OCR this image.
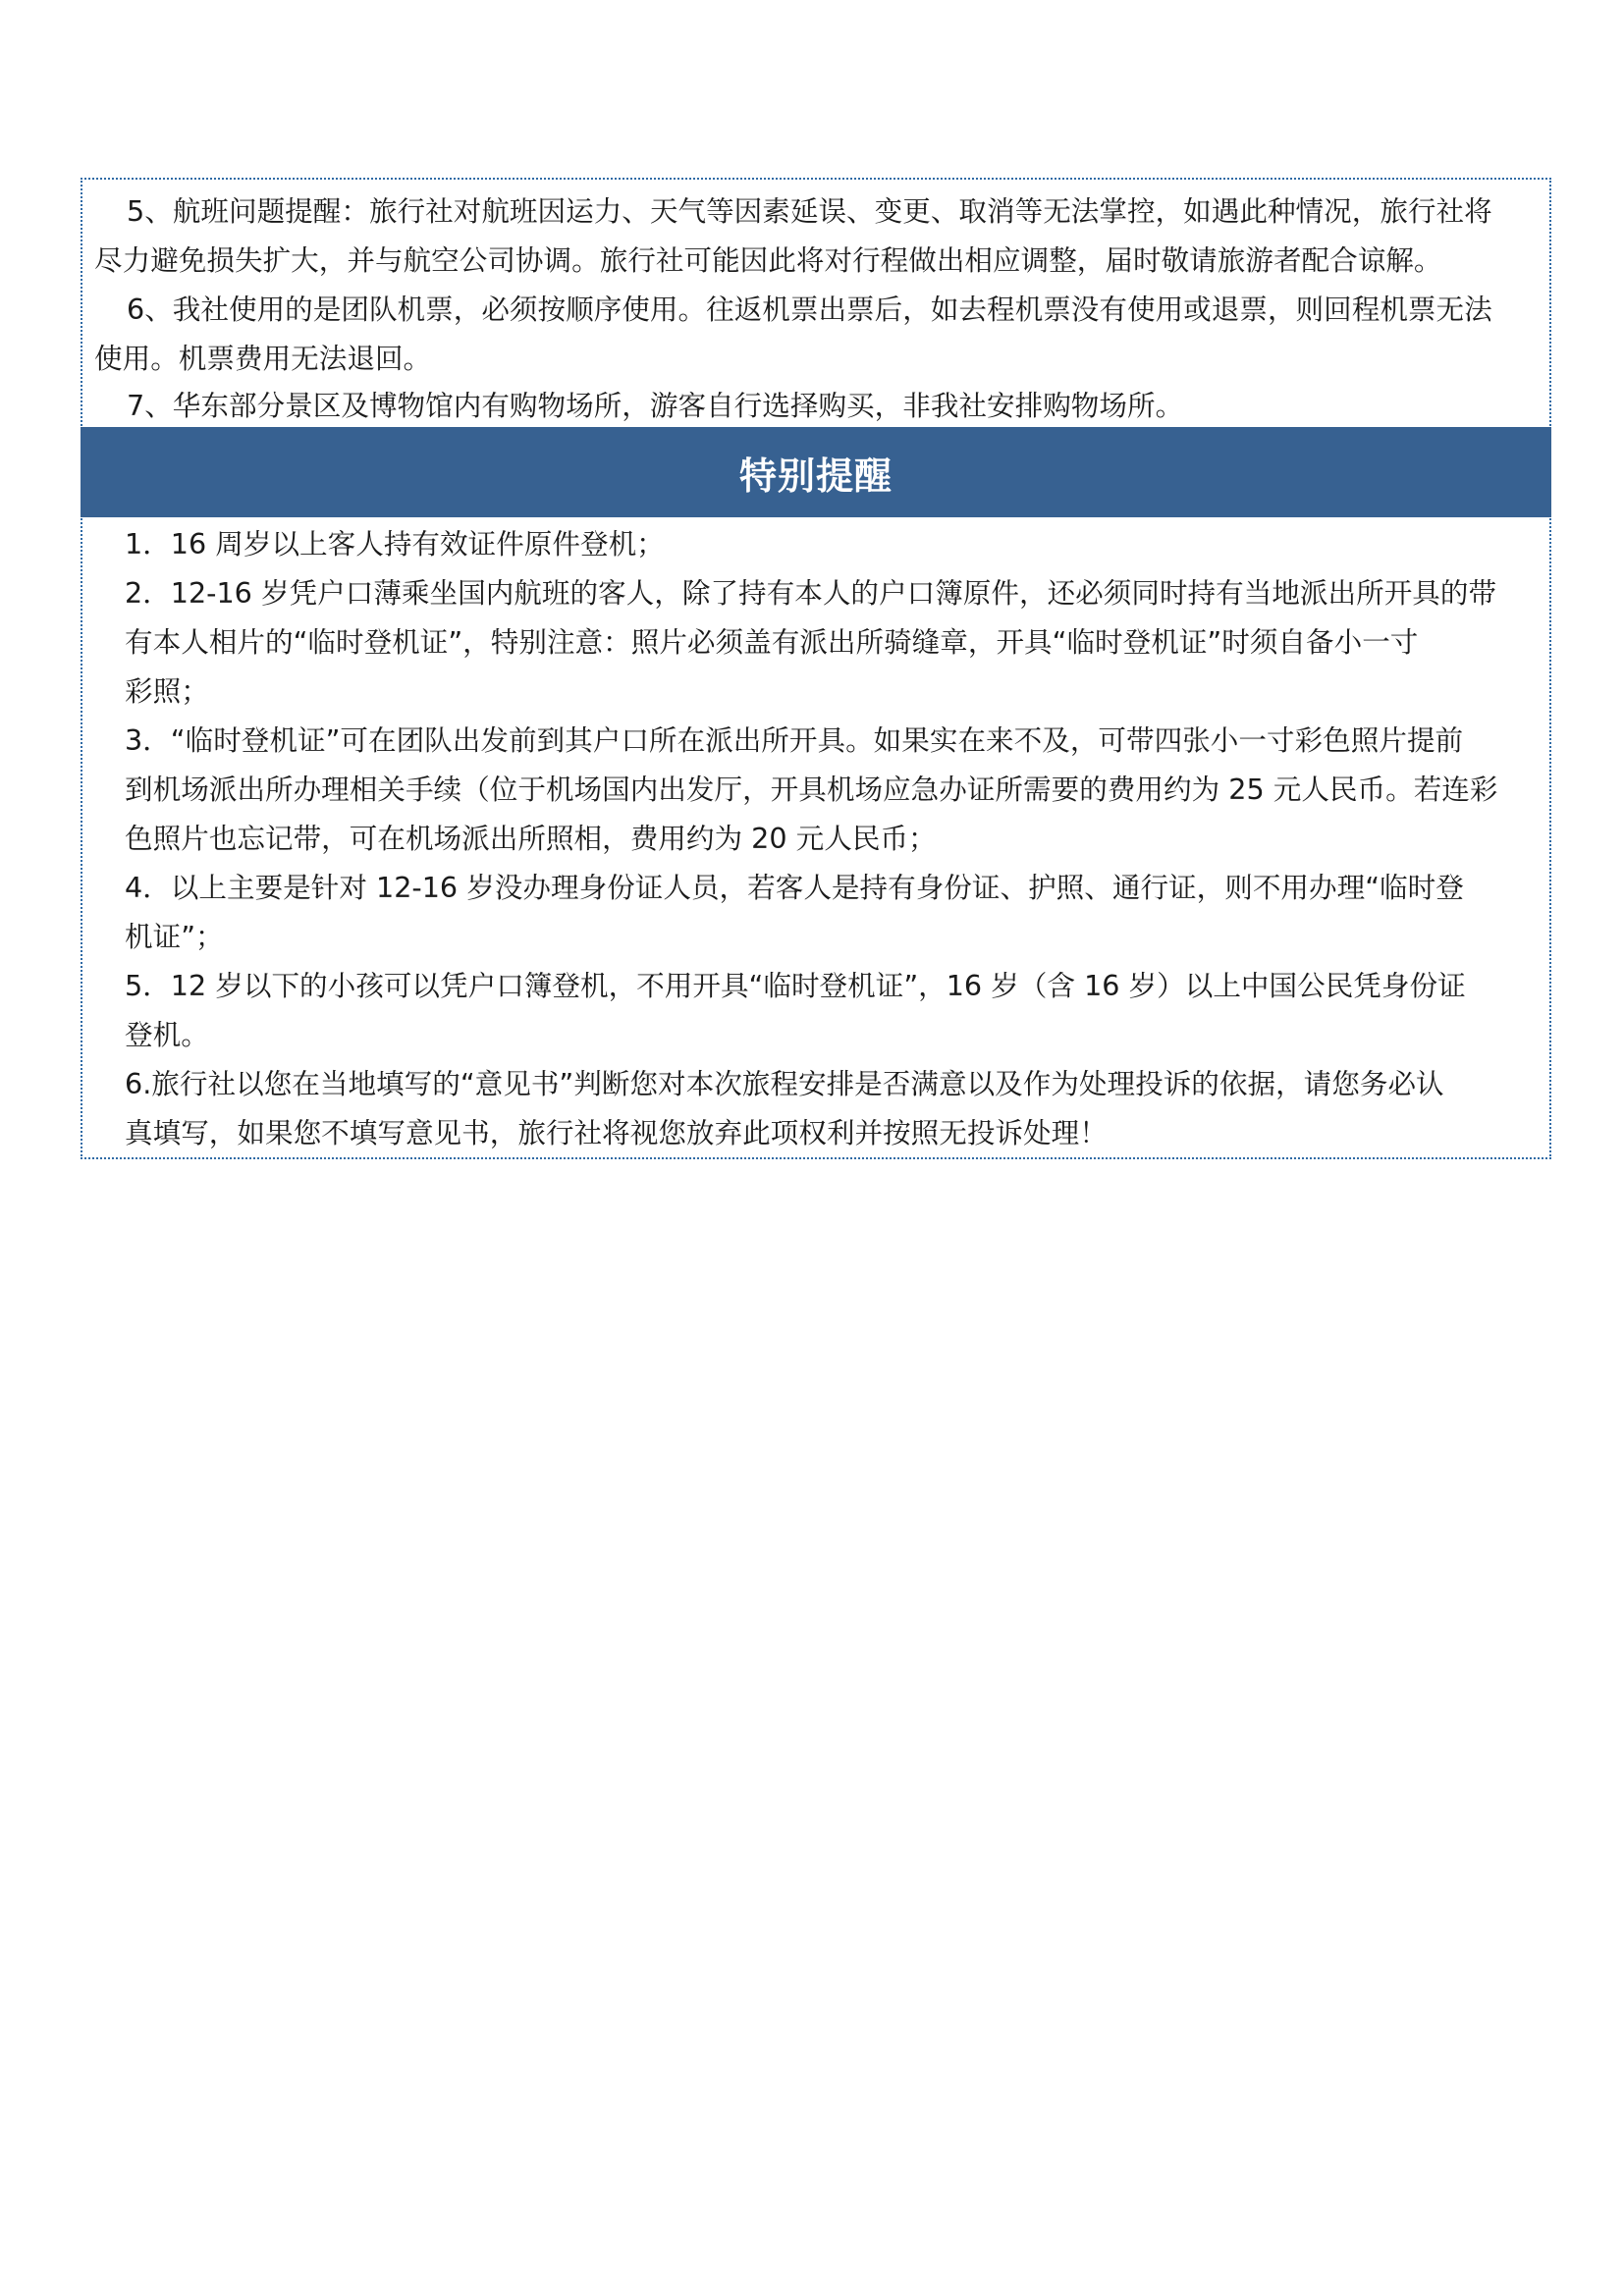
5、航班问题提醒：旅行社对航班因运力、天气等因素延误、变更、取消等无法掌控，如遇此种情况，旅行社将
尽力避免损失扩大，并与航空公司协调。旅行社可能因此将对行程做出相应调整，届时敬请旅游者配合谅解。
6、我社使用的是团队机票，必须按顺序使用。往返机票出票后，如去程机票没有使用或退票，则回程机票无法
使用。机票费用无法退回。
7、华东部分景区及博物馆内有购物场所，游客自行选择购买，非我社安排购物场所。
特别提醒
1．16 周岁以上客人持有效证件原件登机；
2．12-16 岁凭户口薄乘坐国内航班的客人，除了持有本人的户口簿原件，还必须同时持有当地派出所开具的带
有本人相片的“临时登机证”，特别注意：照片必须盖有派出所骑缝章，开具“临时登机证”时须自备小一寸
彩照；
3．“临时登机证”可在团队出发前到其户口所在派出所开具。如果实在来不及，可带四张小一寸彩色照片提前
到机场派出所办理相关手续（位于机场国内出发厅，开具机场应急办证所需要的费用约为 25 元人民币。若连彩
色照片也忘记带，可在机场派出所照相，费用约为 20 元人民币；
4．以上主要是针对 12-16 岁没办理身份证人员，若客人是持有身份证、护照、通行证，则不用办理“临时登
机证”；
5．12 岁以下的小孩可以凭户口簿登机，不用开具“临时登机证”，16 岁（含 16 岁）以上中国公民凭身份证
登机。
6.旅行社以您在当地填写的“意见书”判断您对本次旅程安排是否满意以及作为处理投诉的依据，请您务必认
真填写，如果您不填写意见书，旅行社将视您放弃此项权利并按照无投诉处理！
